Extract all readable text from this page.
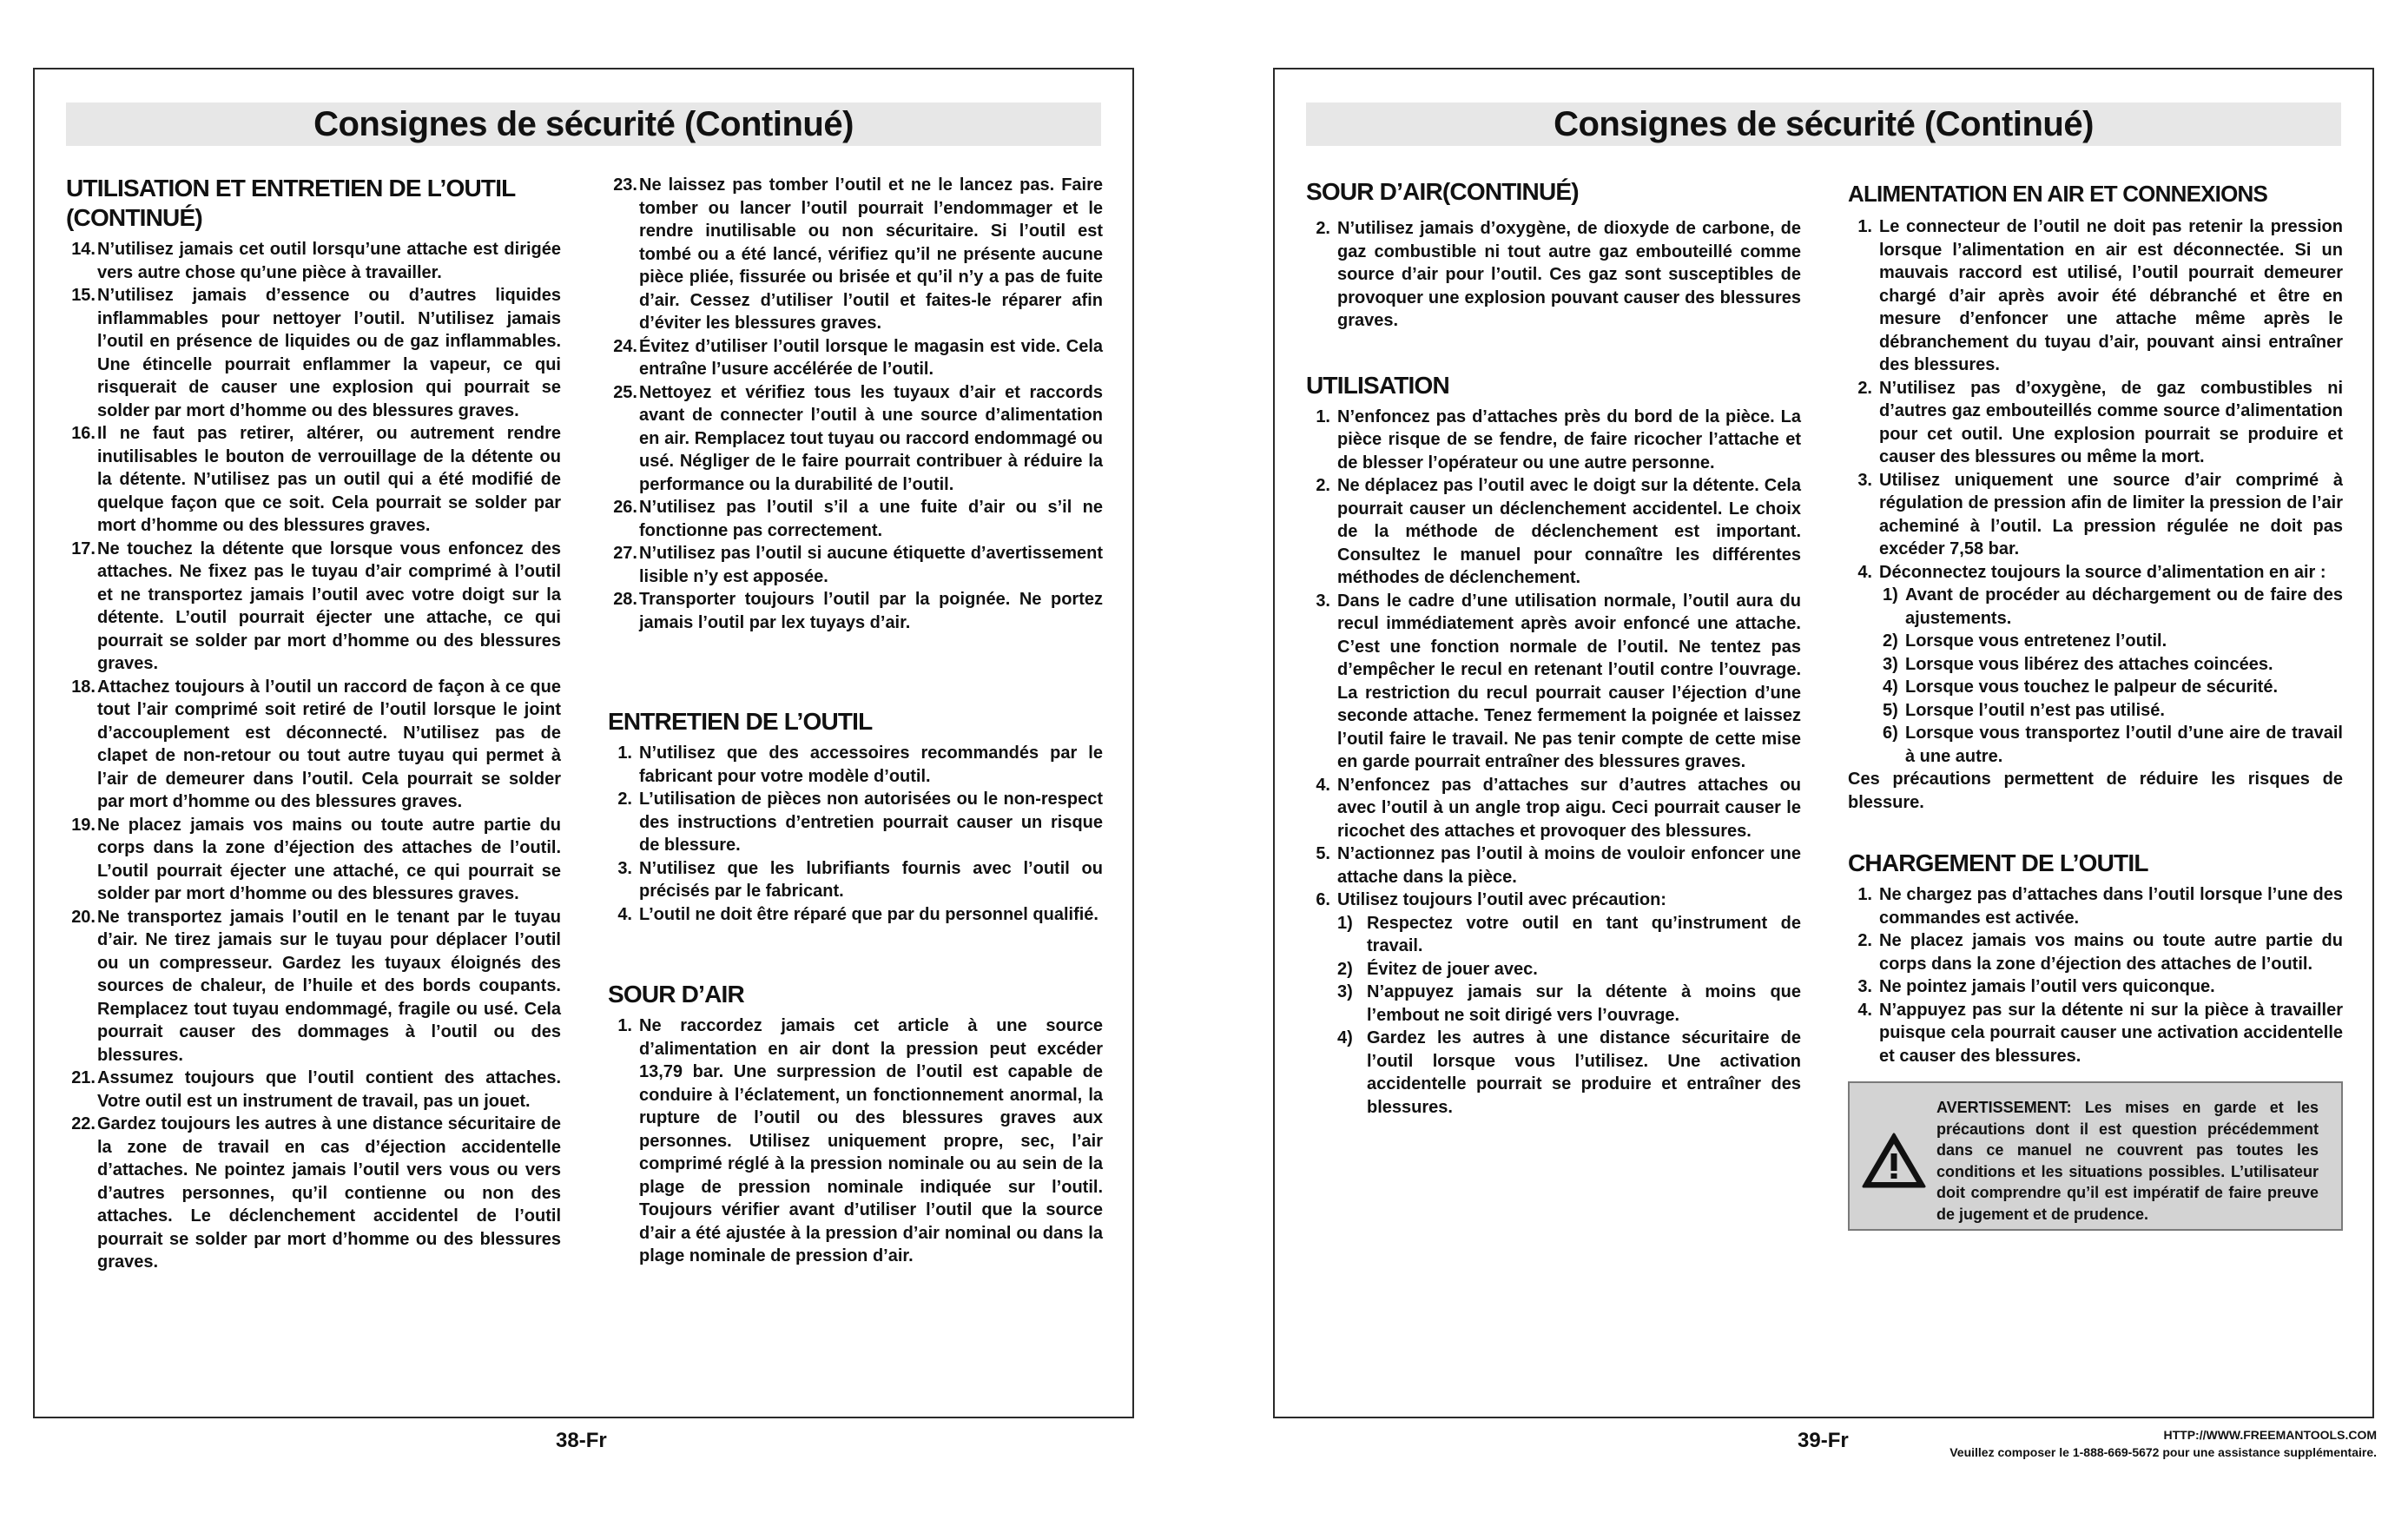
Consignes de sécurité (Continué)
UTILISATION ET ENTRETIEN DE L’OUTIL (CONTINUÉ)
14. N’utilisez jamais cet outil lorsqu’une attache est dirigée vers autre chose qu’une pièce à travailler.
15. N’utilisez jamais d’essence ou d’autres liquides inflammables pour nettoyer l’outil. N’utilisez jamais l’outil en présence de liquides ou de gaz inflammables. Une étincelle pourrait enflammer la vapeur, ce qui risquerait de causer une explosion qui pourrait se solder par mort d’homme ou des blessures graves.
16. Il ne faut pas retirer, altérer, ou autrement rendre inutilisables le bouton de verrouillage de la détente ou la détente. N’utilisez pas un outil qui a été modifié de quelque façon que ce soit. Cela pourrait se solder par mort d’homme ou des blessures graves.
17. Ne touchez la détente que lorsque vous enfoncez des attaches. Ne fixez pas le tuyau d’air comprimé à l’outil et ne transportez jamais l’outil avec votre doigt sur la détente. L’outil pourrait éjecter une attache, ce qui pourrait se solder par mort d’homme ou des blessures graves.
18. Attachez toujours à l’outil un raccord de façon à ce que tout l’air comprimé soit retiré de l’outil lorsque le joint d’accouplement est déconnecté. N’utilisez pas de clapet de non-retour ou tout autre tuyau qui permet à l’air de demeurer dans l’outil. Cela pourrait se solder par mort d’homme ou des blessures graves.
19. Ne placez jamais vos mains ou toute autre partie du corps dans la zone d’éjection des attaches de l’outil. L’outil pourrait éjecter une attaché, ce qui pourrait se solder par mort d’homme ou des blessures graves.
20. Ne transportez jamais l’outil en le tenant par le tuyau d’air. Ne tirez jamais sur le tuyau pour déplacer l’outil ou un compresseur. Gardez les tuyaux éloignés des sources de chaleur, de l’huile et des bords coupants. Remplacez tout tuyau endommagé, fragile ou usé. Cela pourrait causer des dommages à l’outil ou des blessures.
21. Assumez toujours que l’outil contient des attaches. Votre outil est un instrument de travail, pas un jouet.
22. Gardez toujours les autres à une distance sécuritaire de la zone de travail en cas d’éjection accidentelle d’attaches. Ne pointez jamais l’outil vers vous ou vers d’autres personnes, qu’il contienne ou non des attaches. Le déclenchement accidentel de l’outil pourrait se solder par mort d’homme ou des blessures graves.
23. Ne laissez pas tomber l’outil et ne le lancez pas. Faire tomber ou lancer l’outil pourrait l’endommager et le rendre inutilisable ou non sécuritaire. Si l’outil est tombé ou a été lancé, vérifiez qu’il ne présente aucune pièce pliée, fissurée ou brisée et qu’il n’y a pas de fuite d’air. Cessez d’utiliser l’outil et faites-le réparer afin d’éviter les blessures graves.
24. Évitez d’utiliser l’outil lorsque le magasin est vide. Cela entraîne l’usure accélérée de l’outil.
25. Nettoyez et vérifiez tous les tuyaux d’air et raccords avant de connecter l’outil à une source d’alimentation en air. Remplacez tout tuyau ou raccord endommagé ou usé. Négliger de le faire pourrait contribuer à réduire la performance ou la durabilité de l’outil.
26. N’utilisez pas l’outil s’il a une fuite d’air ou s’il ne fonctionne pas correctement.
27. N’utilisez pas l’outil si aucune étiquette d’avertissement lisible n’y est apposée.
28. Transporter toujours l’outil par la poignée. Ne portez jamais l’outil par lex tuyays d’air.
ENTRETIEN DE L’OUTIL
1. N’utilisez que des accessoires recommandés par le fabricant pour votre modèle d’outil.
2. L’utilisation de pièces non autorisées ou le non-respect des instructions d’entretien pourrait causer un risque de blessure.
3. N’utilisez que les lubrifiants fournis avec l’outil ou précisés par le fabricant.
4. L’outil ne doit être réparé que par du personnel qualifié.
SOUR D’AIR
1. Ne raccordez jamais cet article à une source d’alimentation en air dont la pression peut excéder 13,79 bar. Une surpression de l’outil est capable de conduire à l’éclatement, un fonctionnement anormal, la rupture de l’outil ou des blessures graves aux personnes. Utilisez uniquement propre, sec, l’air comprimé réglé à la pression nominale ou au sein de la plage de pression nominale indiquée sur l’outil. Toujours vérifier avant d’utiliser l’outil que la source d’air a été ajustée à la pression d’air nominal ou dans la plage nominale de pression d’air.
38-Fr
Consignes de sécurité (Continué)
SOUR D’AIR(CONTINUÉ)
2. N’utilisez jamais d’oxygène, de dioxyde de carbone, de gaz combustible ni tout autre gaz embouteillé comme source d’air pour l’outil. Ces gaz sont susceptibles de provoquer une explosion pouvant causer des blessures graves.
UTILISATION
1. N’enfoncez pas d’attaches près du bord de la pièce. La pièce risque de se fendre, de faire ricocher l’attache et de blesser l’opérateur ou une autre personne.
2. Ne déplacez pas l’outil avec le doigt sur la détente. Cela pourrait causer un déclenchement accidentel. Le choix de la méthode de déclenchement est important. Consultez le manuel pour connaître les différentes méthodes de déclenchement.
3. Dans le cadre d’une utilisation normale, l’outil aura du recul immédiatement après avoir enfoncé une attache. C’est une fonction normale de l’outil. Ne tentez pas d’empêcher le recul en retenant l’outil contre l’ouvrage. La restriction du recul pourrait causer l’éjection d’une seconde attache. Tenez fermement la poignée et laissez l’outil faire le travail. Ne pas tenir compte de cette mise en garde pourrait entraîner des blessures graves.
4. N’enfoncez pas d’attaches sur d’autres attaches ou avec l’outil à un angle trop aigu. Ceci pourrait causer le ricochet des attaches et provoquer des blessures.
5. N’actionnez pas l’outil à moins de vouloir enfoncer une attache dans la pièce.
6. Utilisez toujours l’outil avec précaution:
1) Respectez votre outil en tant qu’instrument de travail.
2) Évitez de jouer avec.
3) N’appuyez jamais sur la détente à moins que l’embout ne soit dirigé vers l’ouvrage.
4) Gardez les autres à une distance sécuritaire de l’outil lorsque vous l’utilisez. Une activation accidentelle pourrait se produire et entraîner des blessures.
ALIMENTATION EN AIR ET CONNEXIONS
1. Le connecteur de l’outil ne doit pas retenir la pression lorsque l’alimentation en air est déconnectée. Si un mauvais raccord est utilisé, l’outil pourrait demeurer chargé d’air après avoir été débranché et être en mesure d’enfoncer une attache même après le débranchement du tuyau d’air, pouvant ainsi entraîner des blessures.
2. N’utilisez pas d’oxygène, de gaz combustibles ni d’autres gaz embouteillés comme source d’alimentation pour cet outil. Une explosion pourrait se produire et causer des blessures ou même la mort.
3. Utilisez uniquement une source d’air comprimé à régulation de pression afin de limiter la pression de l’air acheminé à l’outil. La pression régulée ne doit pas excéder 7,58 bar.
4. Déconnectez toujours la source d’alimentation en air :
1) Avant de procéder au déchargement ou de faire des ajustements.
2) Lorsque vous entretenez l’outil.
3) Lorsque vous libérez des attaches coincées.
4) Lorsque vous touchez le palpeur de sécurité.
5) Lorsque l’outil n’est pas utilisé.
6) Lorsque vous transportez l’outil d’une aire de travail à une autre.
Ces précautions permettent de réduire les risques de blessure.
CHARGEMENT DE L’OUTIL
1. Ne chargez pas d’attaches dans l’outil lorsque l’une des commandes est activée.
2. Ne placez jamais vos mains ou toute autre partie du corps dans la zone d’éjection des attaches de l’outil.
3. Ne pointez jamais l’outil vers quiconque.
4. N’appuyez pas sur la détente ni sur la pièce à travailler puisque cela pourrait causer une activation accidentelle et causer des blessures.
AVERTISSEMENT: Les mises en garde et les précautions dont il est question précédemment dans ce manuel ne couvrent pas toutes les conditions et les situations possibles. L’utilisateur doit comprendre qu’il est impératif de faire preuve de jugement et de prudence.
39-Fr	HTTP://WWW.FREEMANTOOLS.COM
Veuillez composer le 1-888-669-5672 pour une assistance supplémentaire.
